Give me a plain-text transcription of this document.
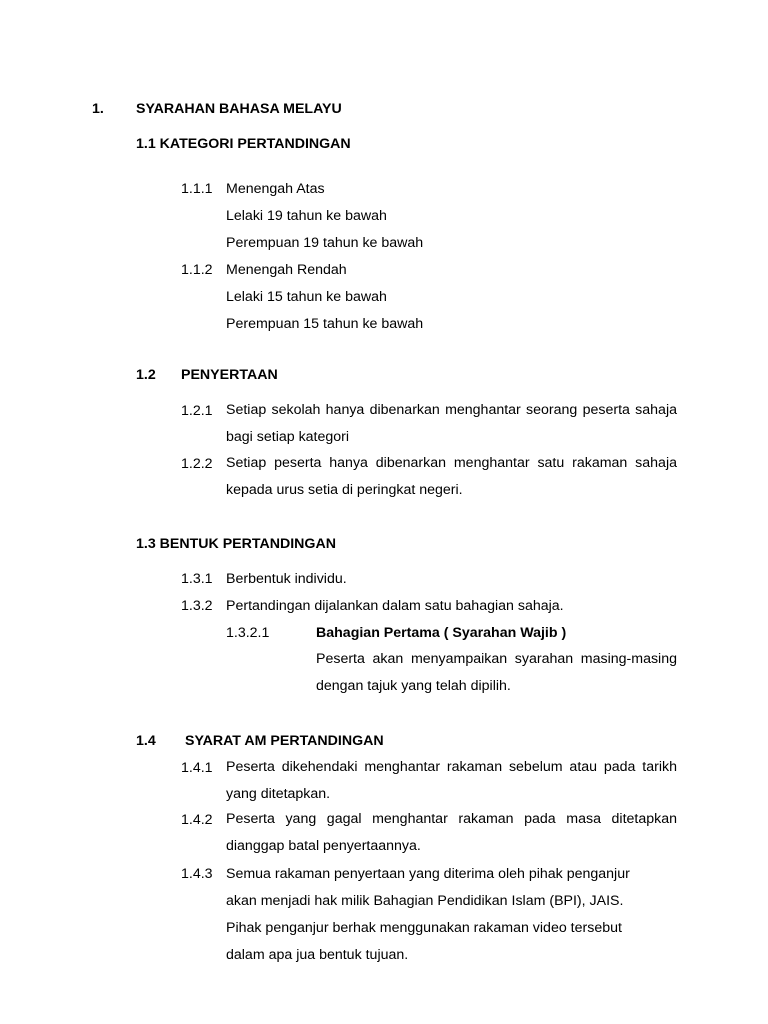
1. SYARAHAN BAHASA MELAYU
1.1 KATEGORI PERTANDINGAN
1.1.1 Menengah Atas
Lelaki 19 tahun ke bawah
Perempuan 19 tahun ke bawah
1.1.2 Menengah Rendah
Lelaki 15 tahun ke bawah
Perempuan 15 tahun ke bawah
1.2 PENYERTAAN
1.2.1 Setiap sekolah hanya dibenarkan menghantar seorang peserta sahaja bagi setiap kategori
1.2.2 Setiap peserta hanya dibenarkan menghantar satu rakaman sahaja kepada urus setia di peringkat negeri.
1.3 BENTUK PERTANDINGAN
1.3.1 Berbentuk individu.
1.3.2 Pertandingan dijalankan dalam satu bahagian sahaja.
1.3.2.1	Bahagian Pertama ( Syarahan Wajib )
Peserta akan menyampaikan syarahan masing-masing dengan tajuk yang telah dipilih.
1.4 SYARAT AM PERTANDINGAN
1.4.1 Peserta dikehendaki menghantar rakaman sebelum atau pada tarikh yang ditetapkan.
1.4.2 Peserta yang gagal menghantar rakaman pada masa ditetapkan dianggap batal penyertaannya.
1.4.3 Semua rakaman penyertaan yang diterima oleh pihak penganjur
akan menjadi hak milik Bahagian Pendidikan Islam (BPI), JAIS.
Pihak penganjur berhak menggunakan rakaman video tersebut
dalam apa jua bentuk tujuan.
